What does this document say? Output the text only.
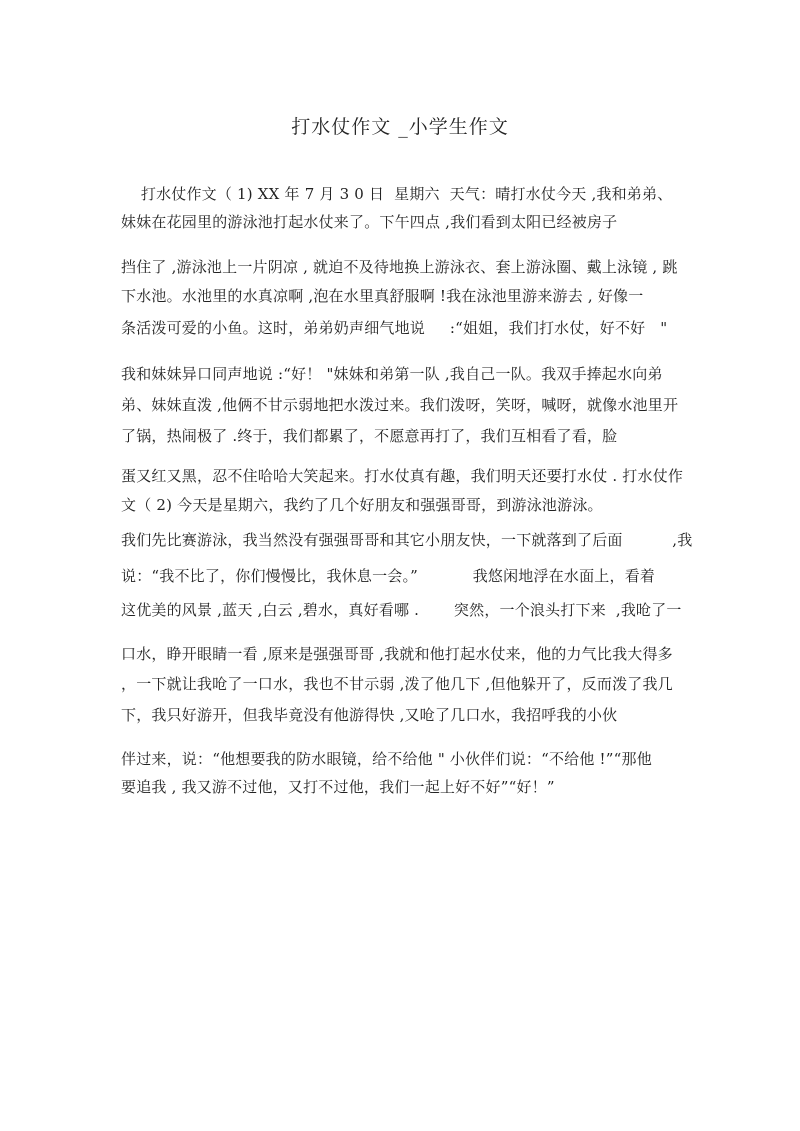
打水仗作文 _小学生作文
打水仗作文（ 1) XX 年 7 月 3 0 日  星期六  天气：晴打水仗今天 ,我和弟弟、
妹妹在花园里的游泳池打起水仗来了。下午四点 ,我们看到太阳已经被房子
挡住了 ,游泳池上一片阴凉 , 就迫不及待地换上游泳衣、套上游泳圈、戴上泳镜 , 跳
下水池。水池里的水真凉啊 ,泡在水里真舒服啊 !我在泳池里游来游去 , 好像一
条活泼可爱的小鱼。这时，弟弟奶声细气地说     :“姐姐，我们打水仗，好不好   "
我和妹妹异口同声地说 :“好！ "妹妹和弟第一队 ,我自己一队。我双手捧起水向弟
弟、妹妹直泼 ,他俩不甘示弱地把水泼过来。我们泼呀，笑呀，喊呀，就像水池里开
了锅，热闹极了 .终于，我们都累了，不愿意再打了，我们互相看了看，脸
蛋又红又黑，忍不住哈哈大笑起来。打水仗真有趣，我们明天还要打水仗 . 打水仗作
文（ 2) 今天是星期六，我约了几个好朋友和强强哥哥，到游泳池游泳。
我们先比赛游泳，我当然没有强强哥哥和其它小朋友快，一下就落到了后面          ,我
说：“我不比了，你们慢慢比，我休息一会。”           我悠闲地浮在水面上，看着
这优美的风景 ,蓝天 ,白云 ,碧水，真好看哪 .       突然，一个浪头打下来  ,我呛了一
口水，睁开眼睛一看 ,原来是强强哥哥 ,我就和他打起水仗来，他的力气比我大得多
，一下就让我呛了一口水，我也不甘示弱 ,泼了他几下 ,但他躲开了，反而泼了我几
下，我只好游开，但我毕竟没有他游得快 ,又呛了几口水，我招呼我的小伙
伴过来，说：“他想要我的防水眼镜，给不给他 " 小伙伴们说：“不给他 !”“那他
要追我 , 我又游不过他，又打不过他，我们一起上好不好”“好！”
